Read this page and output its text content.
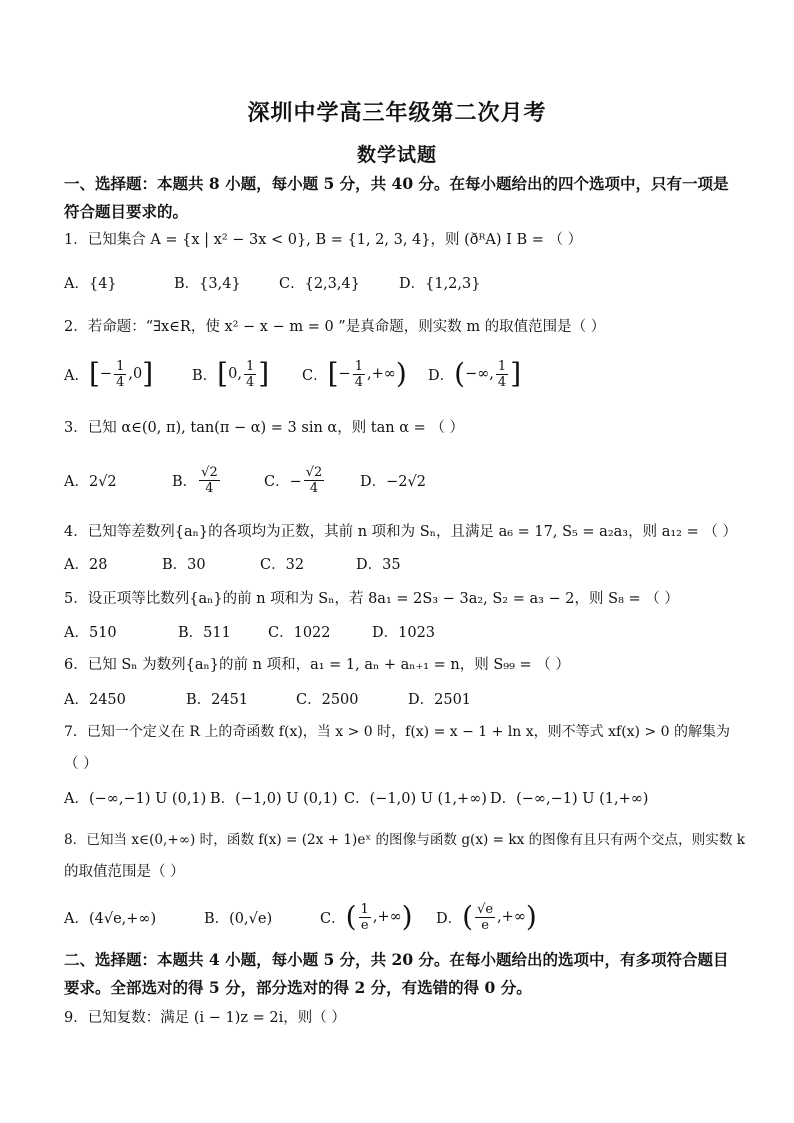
深圳中学高三年级第二次月考
数学试题
一、选择题：本题共 8 小题，每小题 5 分，共 40 分。在每小题给出的四个选项中，只有一项是
符合题目要求的。
1．已知集合 A = {x | x² − 3x < 0}, B = {1, 2, 3, 4}，则 (ðᴿA) I B = （ ）
A．{4}	B．{3,4}	C．{2,3,4}	D．{1,2,3}
2．若命题：“∃x∈R，使 x² − x − m = 0 ”是真命题，则实数 m 的取值范围是（ ）
A． [ − $\frac{1}{4} ,0$ ]	B． [ 0, $\frac{1}{4}$ ] C． [ − $\frac{1}{4}$ ,+∞ ) D． ( −∞, $\frac{1}{4}$ ]
3．已知 α∈(0, π), tan(π − α) = 3 sin α，则 tan α = （ ）
A．2√2	B． $\frac{√2}{4}$	C．− $\frac{√2}{4}$ D．−2√2
4．已知等差数列{aₙ}的各项均为正数，其前 n 项和为 Sₙ，且满足 a₆ = 17, S₅ = a₂a₃，则 a₁₂ = （ ）
A．28	B．30	C．32	D．35
5．设正项等比数列{aₙ}的前 n 项和为 Sₙ，若 8a₁ = 2S₃ − 3a₂, S₂ = a₃ − 2，则 S₈ = （ ）
A．510	B．511	C．1022	D．1023
6．已知 Sₙ 为数列{aₙ}的前 n 项和，a₁ = 1, aₙ + aₙ₊₁ = n，则 S₉₉ = （ ）
A．2450	B．2451	C．2500	D．2501
7．已知一个定义在 R 上的奇函数 f(x)，当 x > 0 时，f(x) = x − 1 + ln x，则不等式 xf(x) > 0 的解集为
（ ）
A．(−∞,−1) U (0,1) B．(−1,0) U (0,1) C．(−1,0) U (1,+∞) D．(−∞,−1) U (1,+∞)
8．已知当 x∈(0,+∞) 时，函数 f(x) = (2x + 1)eˣ 的图像与函数 g(x) = kx 的图像有且只有两个交点，则实数 k
的取值范围是（ ）
A．(4√e,+∞)	B．(0,√e)	C． ( $\frac{1}{e}$ ,+∞ ) D． ( $\frac{√e}{e}$ ,+∞ )
二、选择题：本题共 4 小题，每小题 5 分，共 20 分。在每小题给出的选项中，有多项符合题目
要求。全部选对的得 5 分，部分选对的得 2 分，有选错的得 0 分。
9．已知复数：满足 (i − 1)z = 2i，则（ ）
